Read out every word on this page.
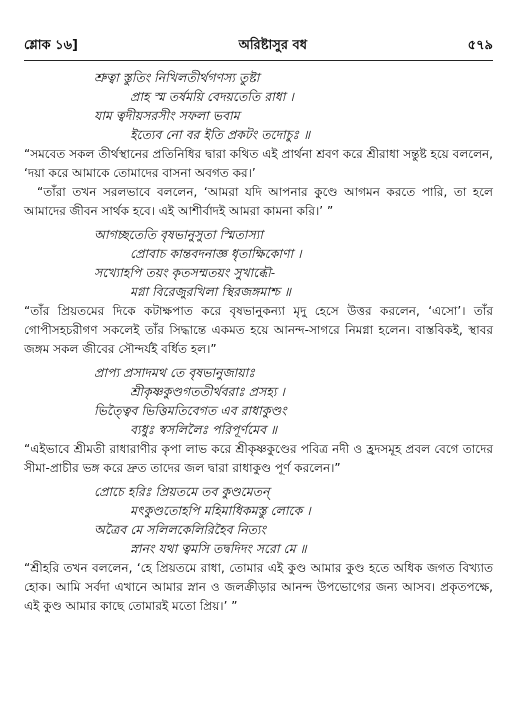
শ্লোক ১৬]	অরিষ্টাসুর বধ	৫৭৯
শ্রুত্বা স্তুতিং নিখিলতীর্থগণস্য তুষ্টা
প্রাহ স্ম তর্ষময়ি বেদয়তেতি রাধা ।
যাম ত্বদীয়সরসীং সফলা ভবাম
ইত্যেব নো বর ইতি প্রকটং তদোচুঃ ॥

“সমবেত সকল তীর্থস্থানের প্রতিনিধির দ্বারা কথিত এই প্রার্থনা শ্রবণ করে শ্রীরাধা সন্তুষ্ট হয়ে বললেন, ‘দয়া করে আমাকে তোমাদের বাসনা অবগত কর।’

“তাঁরা তখন সরলভাবে বললেন, ‘আমরা যদি আপনার কুণ্ডে আগমন করতে পারি, তা হলে আমাদের জীবন সার্থক হবে। এই আশীর্বাদই আমরা কামনা করি।’ ”

আগচ্ছতেতি বৃষভানুসুতা স্মিতাস্যা
প্রোবাচ কান্তবদনাজ্ঞ ধৃতাক্ষিকোণা ।
সখ্যোহপি তয়ং কৃতসম্মতয়ং সুখাব্ধৌ-
মগ্না বিরেজুরখিলা স্থিরজঙ্গমাশ্চ ॥

“তাঁর প্রিয়তমের দিকে কটাক্ষপাত করে বৃষভানুকন্যা মৃদু হেসে উত্তর করলেন, ‘এসো’। তাঁর গোপীসহচরীগণ সকলেই তাঁর সিদ্ধান্তে একমত হয়ে আনন্দ-সাগরে নিমগ্না হলেন। বাস্তবিকই, স্থাবর জঙ্গম সকল জীবের সৌন্দর্যই বর্ধিত হল।”

প্রাপ্য প্রসাদমথ তে বৃষভানুজায়াঃ
শ্রীকৃষ্ণকুণ্ডগততীর্থবরাঃ প্রসহ্য ।
ভিত্ত্বৈব ভিত্তিমতিবেগত এব রাধাকুণ্ডং
ব্যধুঃ স্বসলিলৈঃ পরিপূর্ণমেব ॥

“এইভাবে শ্রীমতী রাধারাণীর কৃপা লাভ করে শ্রীকৃষ্ণকুণ্ডের পবিত্র নদী ও হ্রদসমূহ প্রবল বেগে তাদের সীমা-প্রাচীর ভঙ্গ করে দ্রুত তাদের জল দ্বারা রাধাকুণ্ড পূর্ণ করলেন।”

প্রোচে হরিঃ প্রিয়তমে তব কুণ্ডমেতন্
মৎকুণ্ডতোহপি মহিমাধিকমস্তু লোকে ।
অত্রৈব মে সলিলকেলিরিহৈব নিত্যং
স্নানং যথা ত্বমসি তদ্বদিদং সরো মে ॥

“শ্রীহরি তখন বললেন, ‘হে প্রিয়তমে রাধা, তোমার এই কুণ্ড আমার কুণ্ড হতে অধিক জগত বিখ্যাত হোক। আমি সর্বদা এখানে আমার স্নান ও জলক্রীড়ার আনন্দ উপভোগের জন্য আসব। প্রকৃতপক্ষে, এই কুণ্ড আমার কাছে তোমারই মতো প্রিয়।’ ”
